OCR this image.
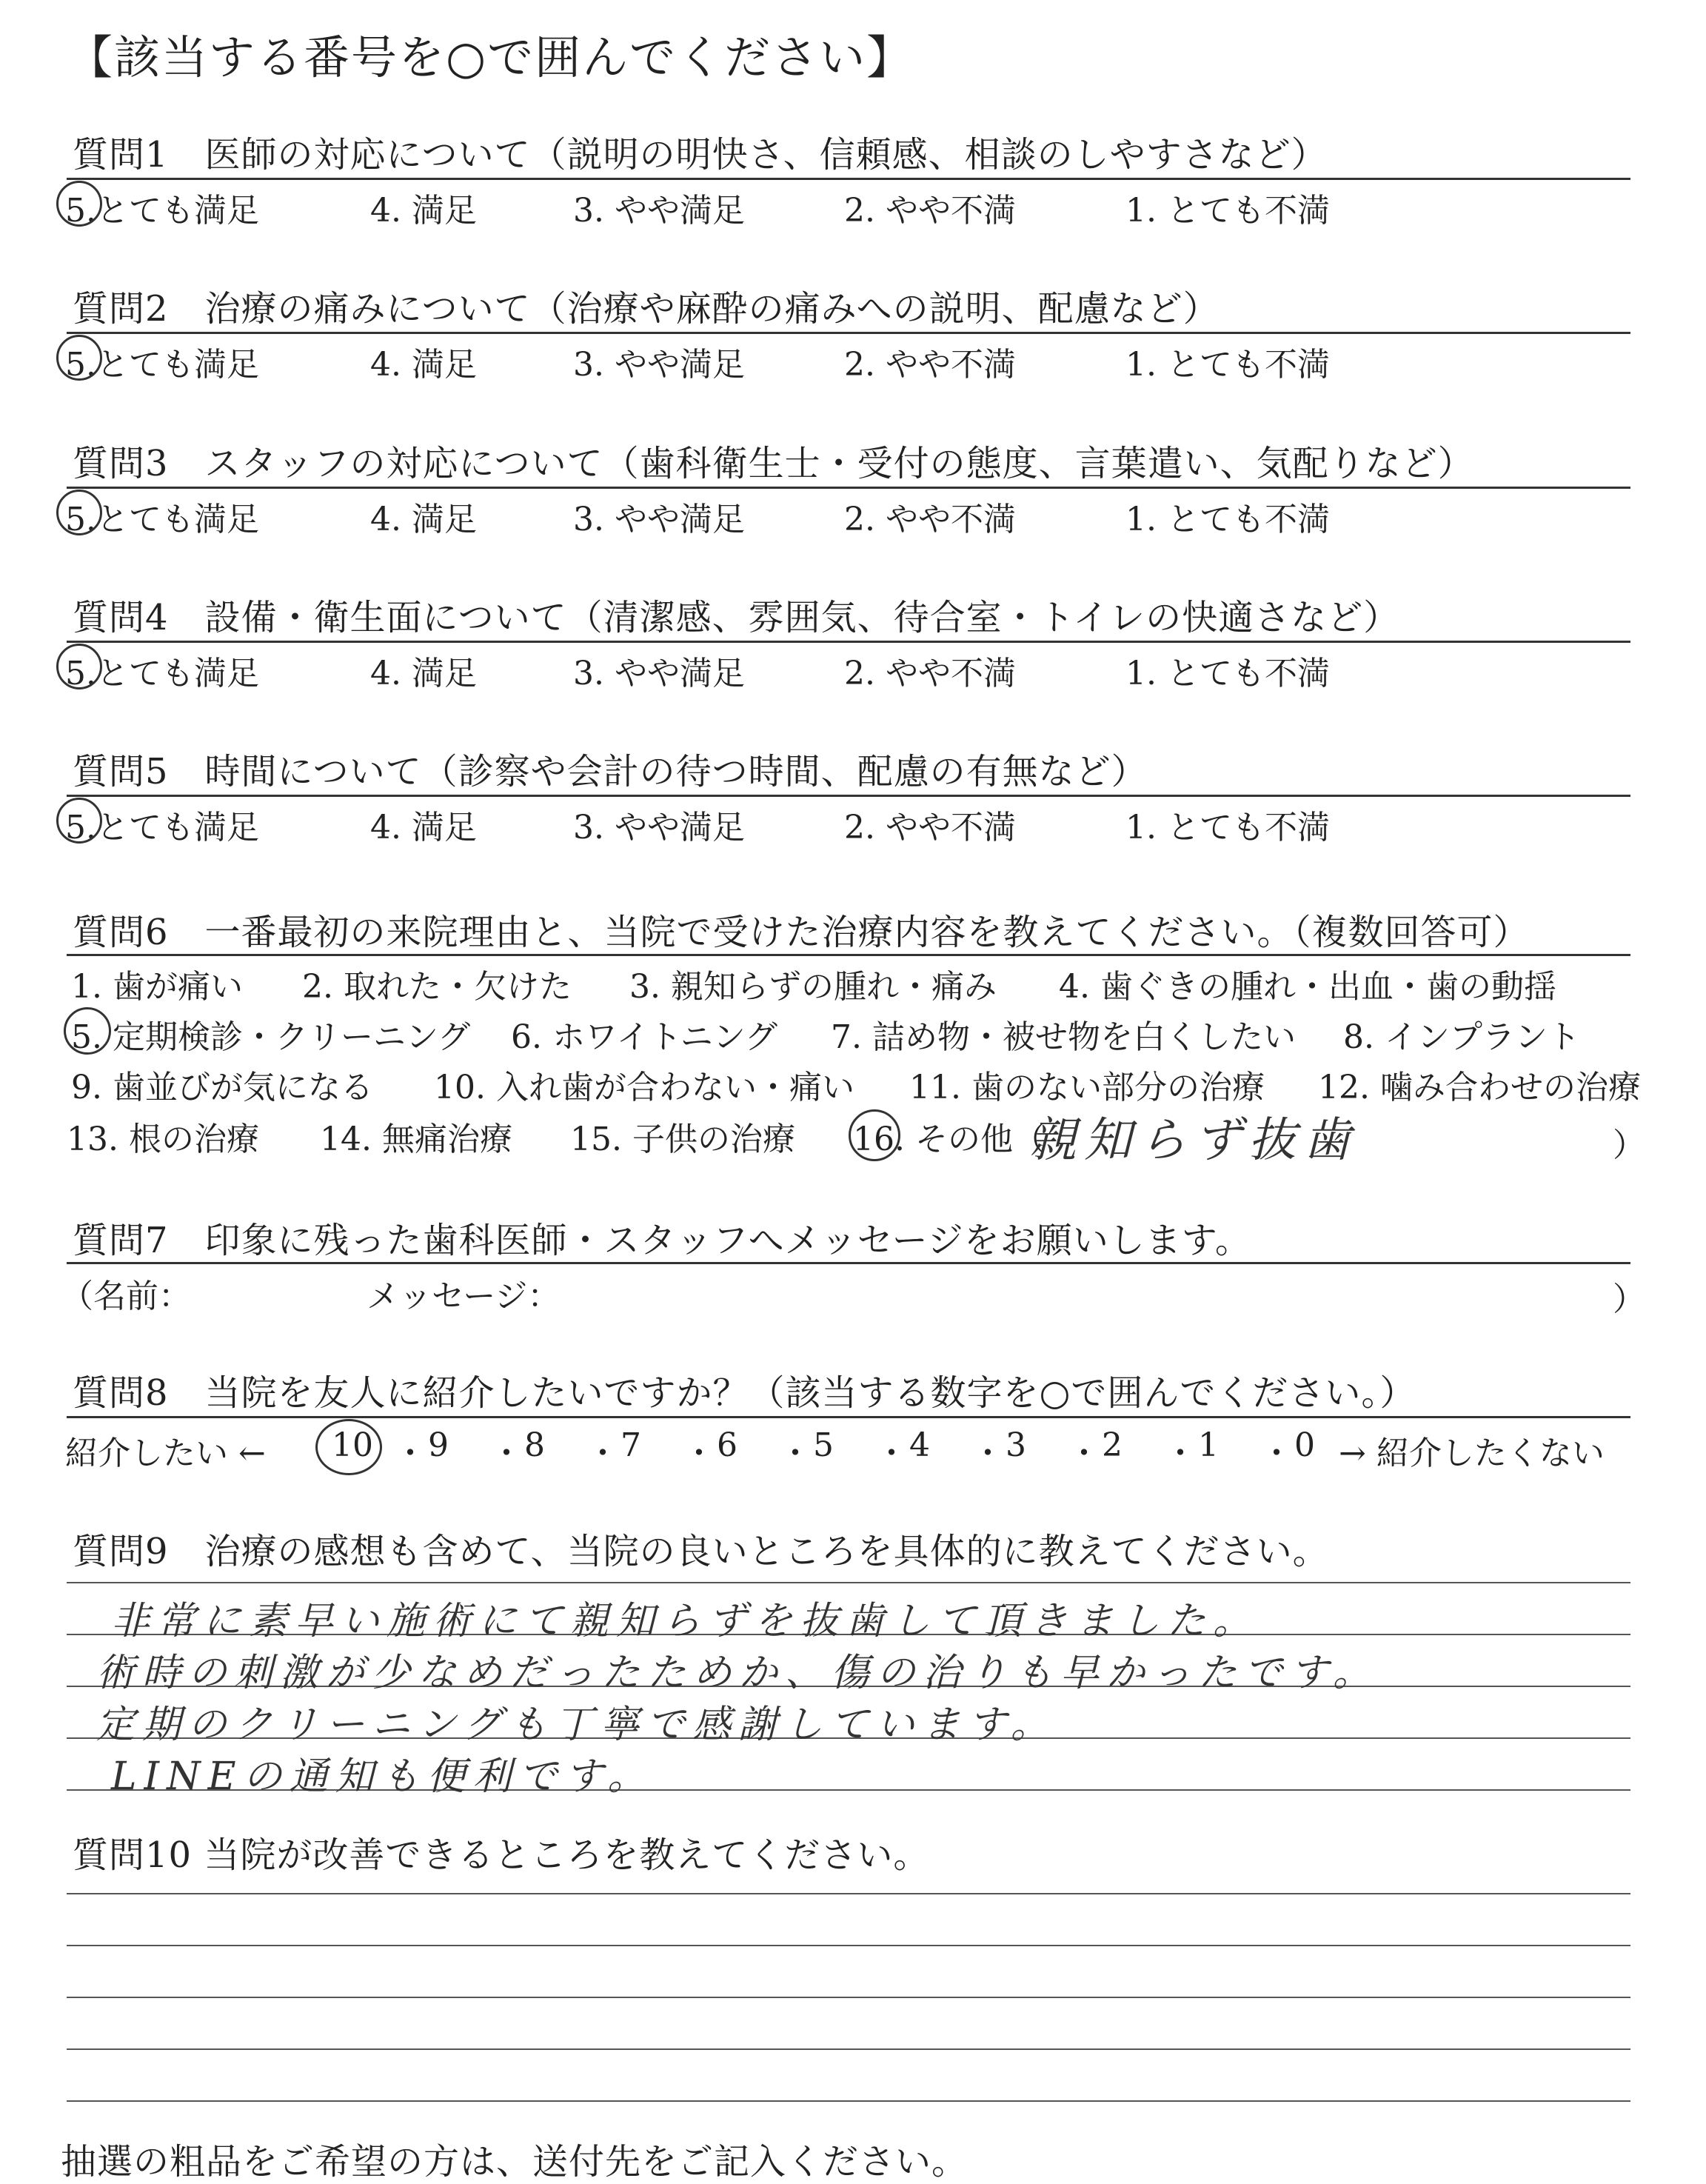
【該当する番号を○で囲んでください】
質問1　医師の対応について（説明の明快さ、信頼感、相談のしやすさなど）
5.とても満足	4. 満足	3. やや満足	2. やや不満	1. とても不満
質問2　治療の痛みについて（治療や麻酔の痛みへの説明、配慮など）
5.とても満足	4. 満足	3. やや満足	2. やや不満	1. とても不満
質問3　スタッフの対応について（歯科衛生士・受付の態度、言葉遣い、気配りなど）
5.とても満足	4. 満足	3. やや満足	2. やや不満	1. とても不満
質問4　設備・衛生面について（清潔感、雰囲気、待合室・トイレの快適さなど）
5.とても満足	4. 満足	3. やや満足	2. やや不満	1. とても不満
質問5　時間について（診察や会計の待つ時間、配慮の有無など）
5.とても満足	4. 満足	3. やや満足	2. やや不満	1. とても不満
質問6　一番最初の来院理由と、当院で受けた治療内容を教えてください。（複数回答可）
1. 歯が痛い 2. 取れた・欠けた 3. 親知らずの腫れ・痛み 4. 歯ぐきの腫れ・出血・歯の動揺
5. 定期検診・クリーニング 6. ホワイトニング 7. 詰め物・被せ物を白くしたい 8. インプラント
9. 歯並びが気になる 10. 入れ歯が合わない・痛い 11. 歯のない部分の治療 12. 噛み合わせの治療
13. 根の治療 14. 無痛治療 15. 子供の治療 16. その他（
親知らず抜歯	）
質問7　印象に残った歯科医師・スタッフへメッセージをお願いします。
（名前：	メッセージ：	）
質問8　当院を友人に紹介したいですか？（該当する数字を○で囲んでください。）
紹介したい ← 10 ・ 9 ・ 8 ・ 7 ・ 6 ・ 5 ・ 4 ・ 3 ・ 2 ・ 1 ・ 0 → 紹介したくない
質問9　治療の感想も含めて、当院の良いところを具体的に教えてください。
非常に素早い施術にて親知らずを抜歯して頂きました。
術時の刺激が少なめだったためか、傷の治りも早かったです。
定期のクリーニングも丁寧で感謝しています。
LINEの通知も便利です。
質問10 当院が改善できるところを教えてください。
抽選の粗品をご希望の方は、送付先をご記入ください。
